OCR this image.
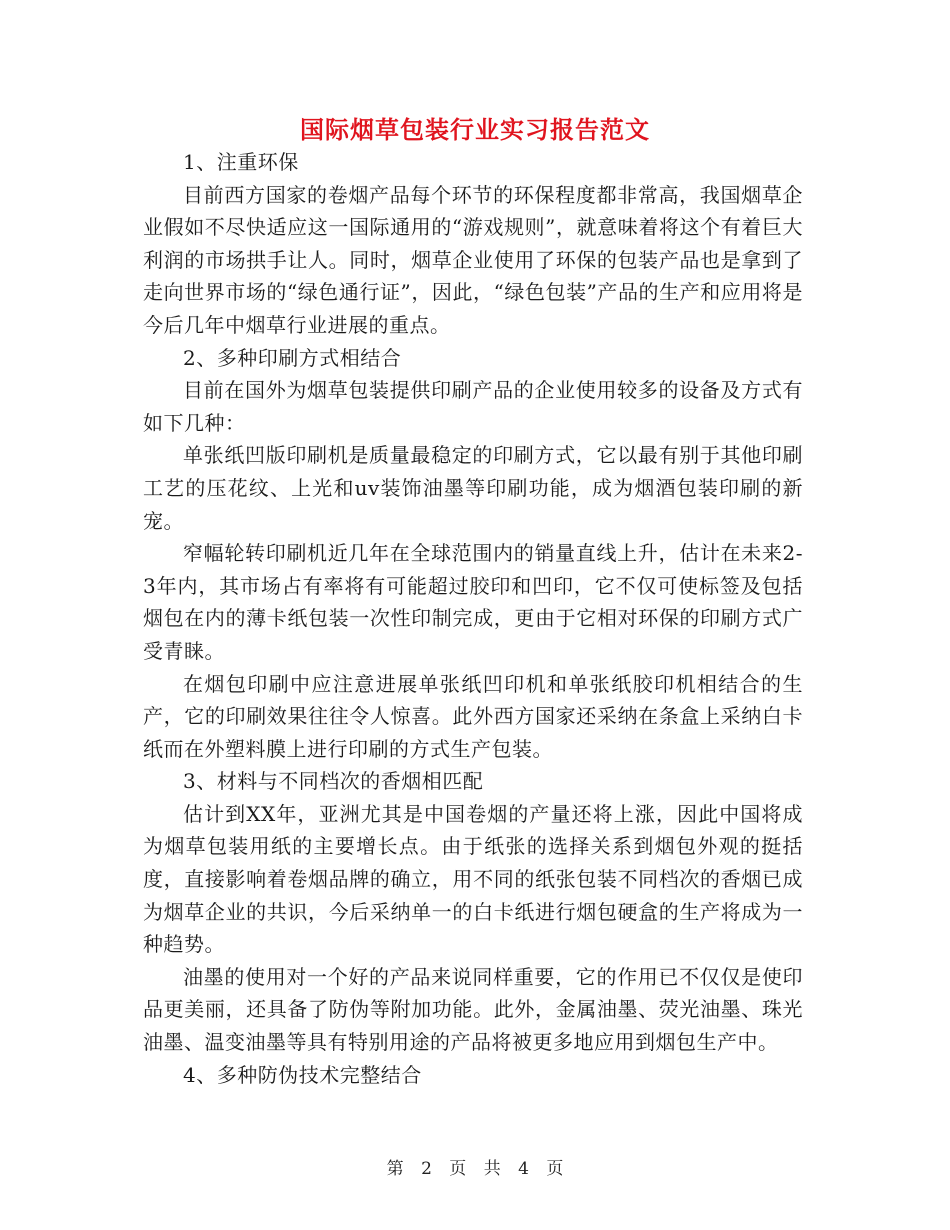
国际烟草包装行业实习报告范文

1、注重环保

目前西方国家的卷烟产品每个环节的环保程度都非常高，我国烟草企业假如不尽快适应这一国际通用的“游戏规则”，就意味着将这个有着巨大利润的市场拱手让人。同时，烟草企业使用了环保的包装产品也是拿到了走向世界市场的“绿色通行证”，因此，“绿色包装”产品的生产和应用将是今后几年中烟草行业进展的重点。

2、多种印刷方式相结合

目前在国外为烟草包装提供印刷产品的企业使用较多的设备及方式有如下几种：

单张纸凹版印刷机是质量最稳定的印刷方式，它以最有别于其他印刷工艺的压花纹、上光和uv装饰油墨等印刷功能，成为烟酒包装印刷的新宠。

窄幅轮转印刷机近几年在全球范围内的销量直线上升，估计在未来2-3年内，其市场占有率将有可能超过胶印和凹印，它不仅可使标签及包括烟包在内的薄卡纸包装一次性印制完成，更由于它相对环保的印刷方式广受青睐。

在烟包印刷中应注意进展单张纸凹印机和单张纸胶印机相结合的生产，它的印刷效果往往令人惊喜。此外西方国家还采纳在条盒上采纳白卡纸而在外塑料膜上进行印刷的方式生产包装。

3、材料与不同档次的香烟相匹配

估计到XX年，亚洲尤其是中国卷烟的产量还将上涨，因此中国将成为烟草包装用纸的主要增长点。由于纸张的选择关系到烟包外观的挺括度，直接影响着卷烟品牌的确立，用不同的纸张包装不同档次的香烟已成为烟草企业的共识，今后采纳单一的白卡纸进行烟包硬盒的生产将成为一种趋势。

油墨的使用对一个好的产品来说同样重要，它的作用已不仅仅是使印品更美丽，还具备了防伪等附加功能。此外，金属油墨、荧光油墨、珠光油墨、温变油墨等具有特别用途的产品将被更多地应用到烟包生产中。

4、多种防伪技术完整结合

第 2 页 共 4 页
